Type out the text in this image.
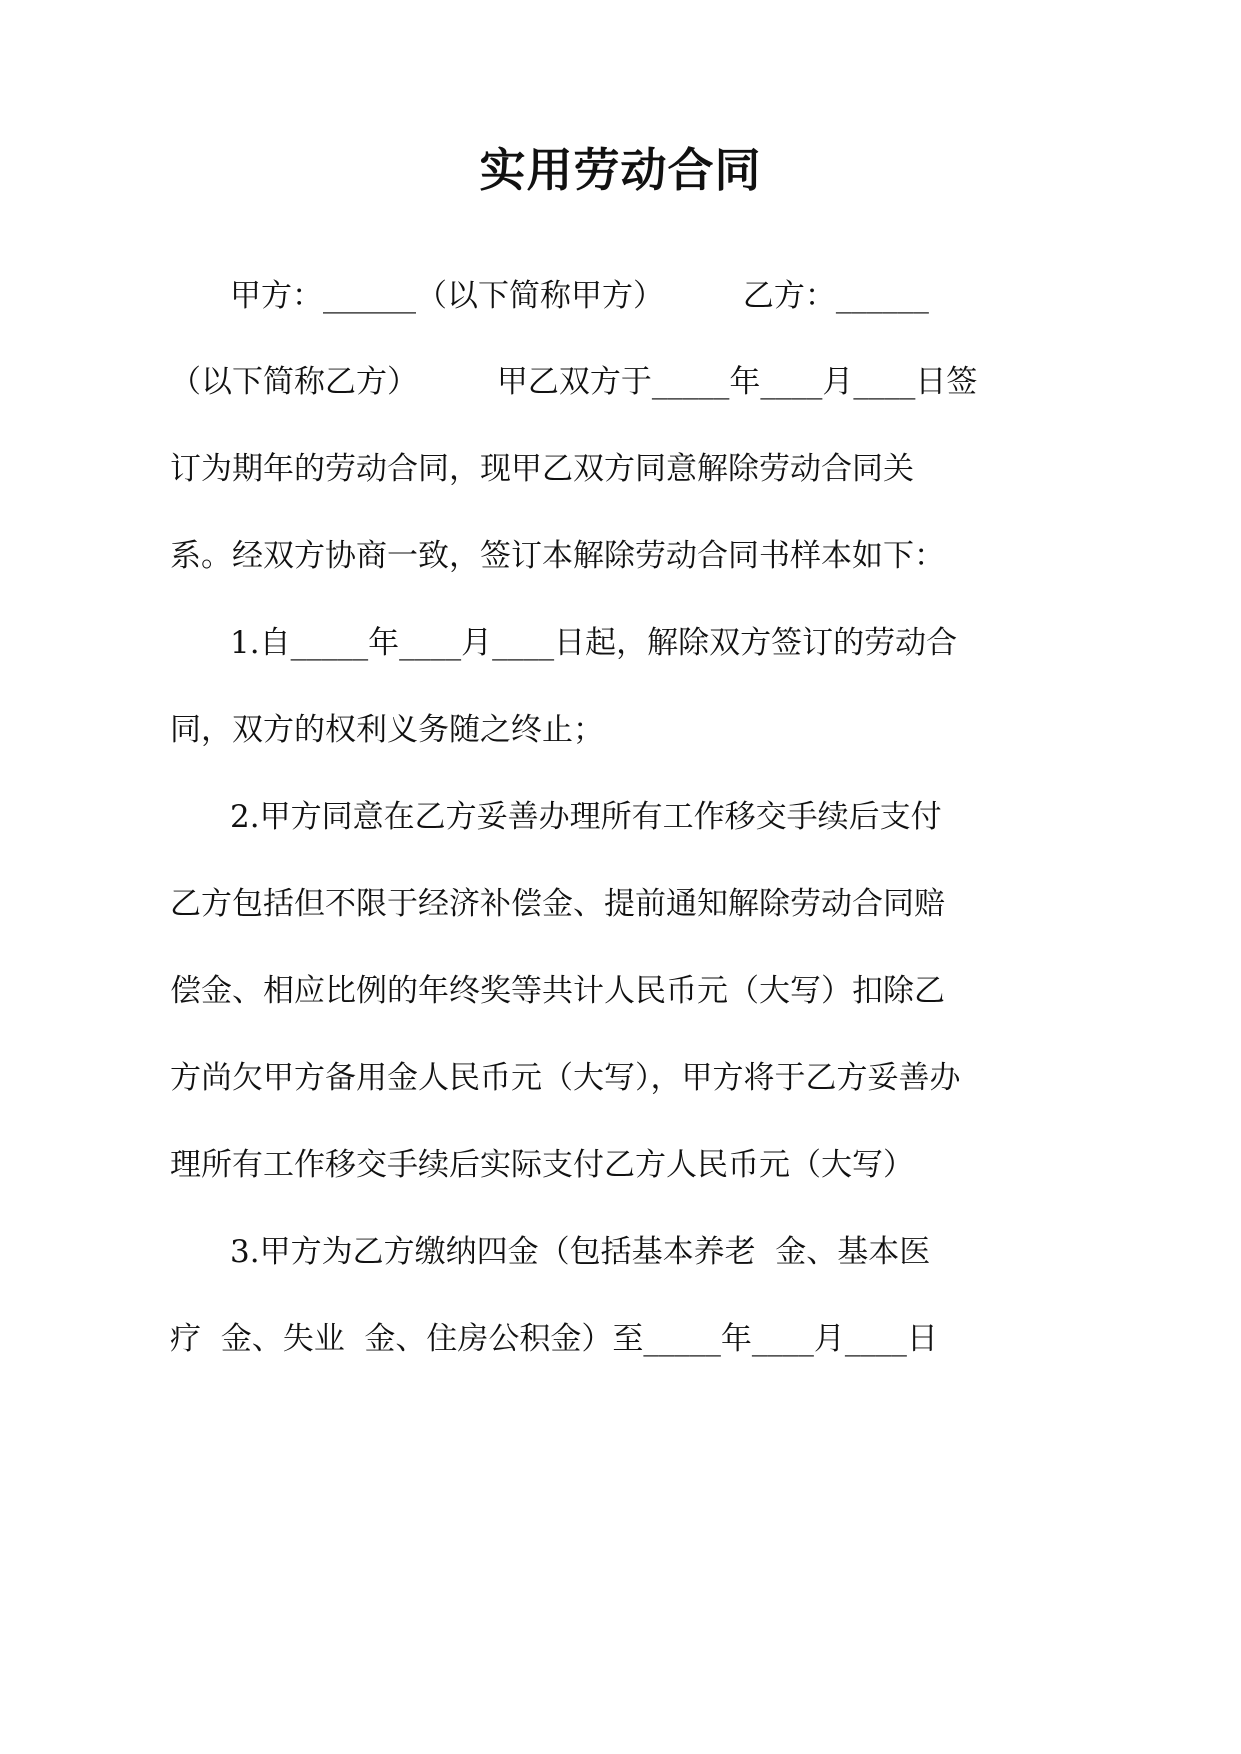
实用劳动合同
甲方：______（以下简称甲方）        乙方：______
（以下简称乙方）        甲乙双方于_____年____月____日签
订为期年的劳动合同，现甲乙双方同意解除劳动合同关
系。经双方协商一致，签订本解除劳动合同书样本如下：
1.自_____年____月____日起，解除双方签订的劳动合
同，双方的权利义务随之终止；
2.甲方同意在乙方妥善办理所有工作移交手续后支付
乙方包括但不限于经济补偿金、提前通知解除劳动合同赔
偿金、相应比例的年终奖等共计人民币元（大写）扣除乙
方尚欠甲方备用金人民币元（大写），甲方将于乙方妥善办
理所有工作移交手续后实际支付乙方人民币元（大写）
3.甲方为乙方缴纳四金（包括基本养老  金、基本医
疗  金、失业  金、住房公积金）至_____年____月____日
